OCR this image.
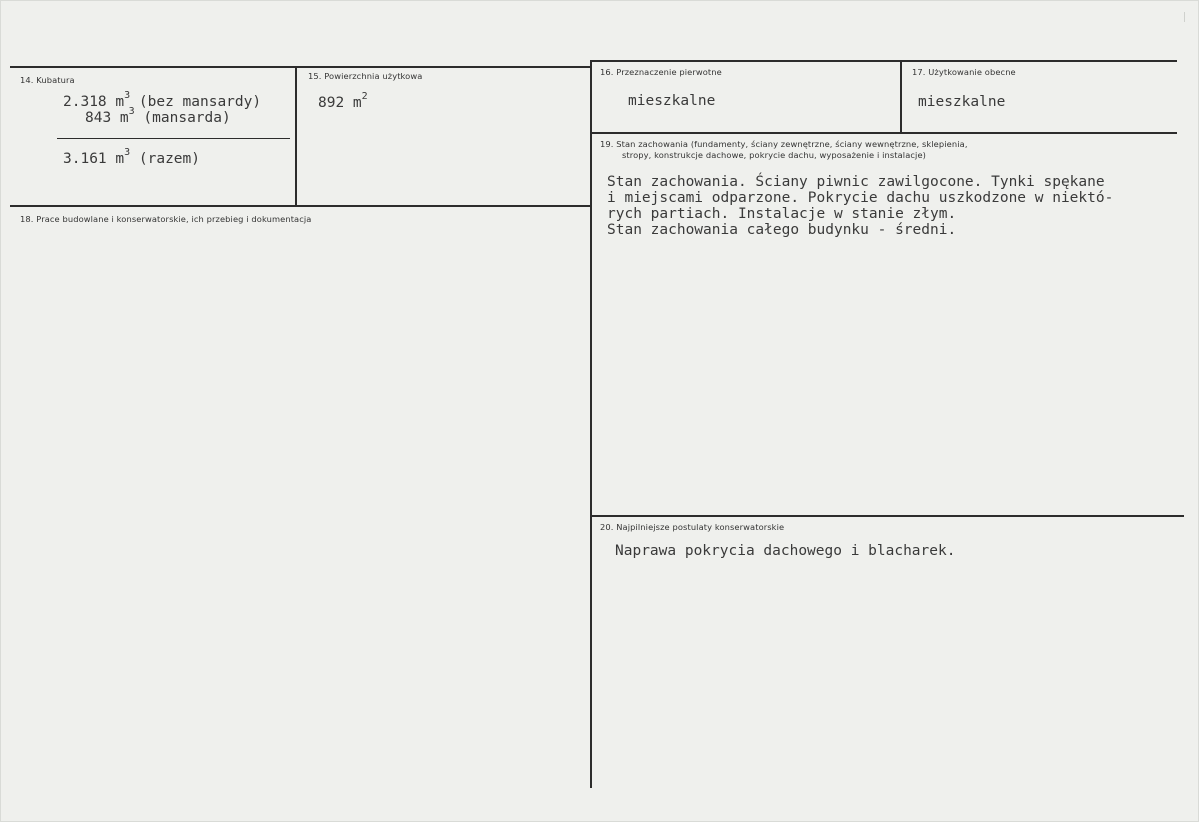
14. Kubatura
2.318 $m^3$ (bez mansardy)
843 $m^3$ (mansarda)
3.161 $m^3$ (razem)
15. Powierzchnia użytkowa
892 $m^2$
16. Przeznaczenie pierwotne
mieszkalne
17. Użytkowanie obecne
mieszkalne
18. Prace budowlane i konserwatorskie, ich przebieg i dokumentacja
19. Stan zachowania (fundamenty, ściany zewnętrzne, ściany wewnętrzne, sklepienia,
stropy, konstrukcje dachowe, pokrycie dachu, wyposażenie i instalacje)
Stan zachowania. Ściany piwnic zawilgocone. Tynki spękane
i miejscami odparzone. Pokrycie dachu uszkodzone w niektó-
rych partiach. Instalacje w stanie złym.
Stan zachowania całego budynku - średni.
20. Najpilniejsze postulaty konserwatorskie
Naprawa pokrycia dachowego i blacharek.
